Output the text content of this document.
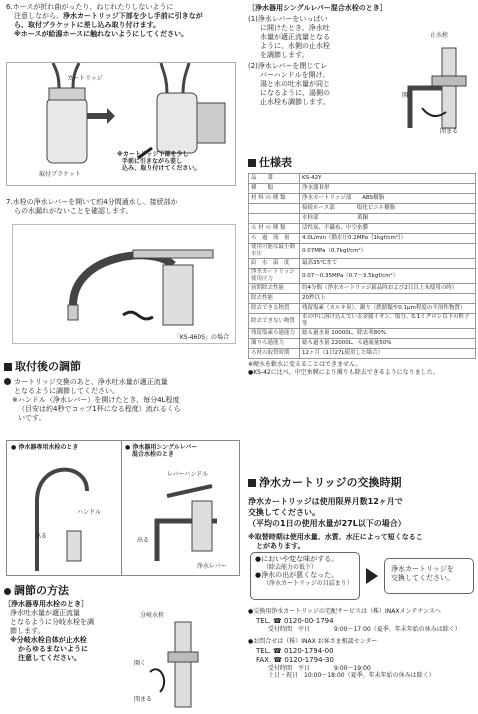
6.ホースが折れ曲がったり、ねじれたりしないように
注意しながら、浄水カートリッジ下部を少し手前に引きなが
ら、取付ブラケットに差し込み取り付けます。
※ホースが給湯ホースに触れないようにしてください。
カートリッジ
取付ブラケット
※カートリッジ下部を少し
手前に引きながら差し
込み、取り付けてください。
7.水栓の浄水レバーを開いて約4分間通水し、接続部か
らの水漏れがないことを確認します。
「KS-460S」の場合
取付後の調節
カートリッジ交換のあと、浄水吐水量が適正流量
となるように調節してください。
※ハンドル（浄水レバー）を開けたとき、毎分4L程度
（目安は約4秒でコップ1杯になる程度）流れるくら
いです。
● 浄水器専用水栓のとき	● 浄水器用シングルレバー
混合水栓のとき
ハンドル
出る
レバーハンドル
出る
浄水レバー
調節の方法
［浄水器専用水栓のとき］
浄水吐水量が適正流量
となるように分岐水栓を調
節します。
※分岐水栓自体が止水栓
からゆるまないように
注意してください。
分岐水栓
開く
閉まる
［浄水器用シングルレバー混合水栓のとき］
(1)浄水レバーをいっぱい
に開けたとき、浄水吐
水量が適正流量となる
ように、水側の止水栓
を調節します。
(2)浄水レバーを閉じてレ
バーハンドルを開け、
湯と水の吐水量が同じ
になるように、湯側の
止水栓も調節します。
止水栓
開く
閉まる
仕様表
品　　番	KS-42Y
種　　類	浄水器Ｂ形
材 料 の 種 類	浄水カートリッジ部　　ABS樹脂
	接続ホース部　　　　塩化ビニル樹脂
	水栓部　　　　　　　黄銅
ろ 材 の 種 類	活性炭、不織布、中空糸膜
ろ　過　流　量	4.0L/min（動水圧0.1MPa｛1kgf/cm²｝）
使用可能な最小動水圧	0.07MPa（0.7kgf/cm²）
給　水　温　度	最高35℃まで
浄水カートリッジ使用圧力	0.07～0.35MPa（0.7～3.5kgf/cm²）
初期除去性能	約4分間（浄水カートリッジ新品時および2日以上未使用の時）
除去性能	20秒以上
除去できる物質	残留塩素（カルキ臭）、濁り（鉄錆類や0.1μm程度の不溶性物質）
除去できない物質	水の中に溶け込んでいる金属イオン、塩分、0.1ミクロン以下の粒子等
残留塩素ろ過能力	総ろ過水量 10000L、除去率80%
濁りろ過能力	総ろ過水量 22000L、ろ過流量50%
ろ材の取替時期	12ヶ月（1日27L使用した場合）
※硬水を軟水に変えることはできません。
●KS-42に比べ、中空糸膜により濁りも除去できるようになりました。
浄水カートリッジの交換時期
浄水カートリッジは使用限界月数12ヶ月で
交換してください。
（平均の1日の使用水量が27L以下の場合）
※取替時期は使用水量、水質、水圧によって短くなるこ
とがあります。
●においや変な味がする。
（除去能力の低下）
●浄水の出が悪くなった。
（浄水カートリッジの目詰まり）
浄水カートリッジを
交換してください。
●交換用浄水カートリッジの宅配サービスは（株）INAXメンテナンスへ
TEL. ☎ 0120-00-1794
受付時間　平日　　　　9:00～17:00（夏季、年末年始の休みは除く）
●お問合せは（株）INAX お客さま相談センター
TEL. ☎ 0120-1794-00
FAX. ☎ 0120-1794-30
受付時間　平日　　　　9:00～19:00
土日・祝日　10:00～18:00（夏季、年末年始の休みは除く）
